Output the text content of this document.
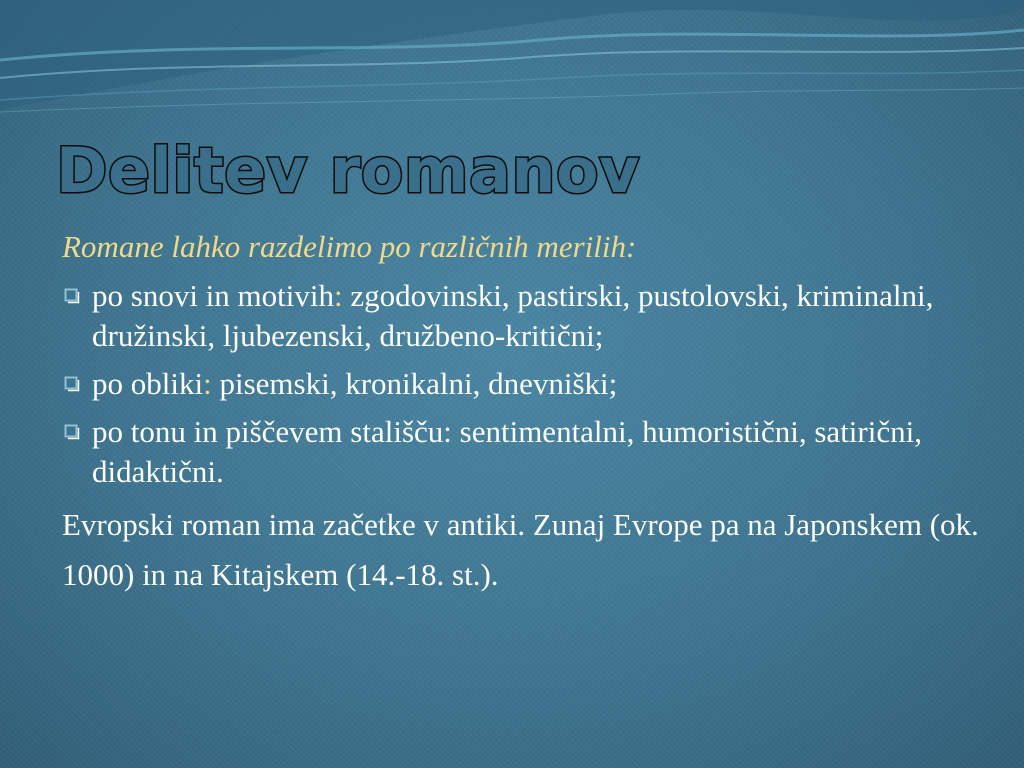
Delitev romanov

Romane lahko razdelimo po različnih merilih:

po snovi in motivih: zgodovinski, pastirski, pustolovski, kriminalni, družinski, ljubezenski, družbeno-kritični;
po obliki: pisemski, kronikalni, dnevniški;
po tonu in piščevem stališču: sentimentalni, humoristični, satirični, didaktični.

Evropski roman ima začetke v antiki. Zunaj Evrope pa na Japonskem (ok. 1000) in na Kitajskem (14.-18. st.).
